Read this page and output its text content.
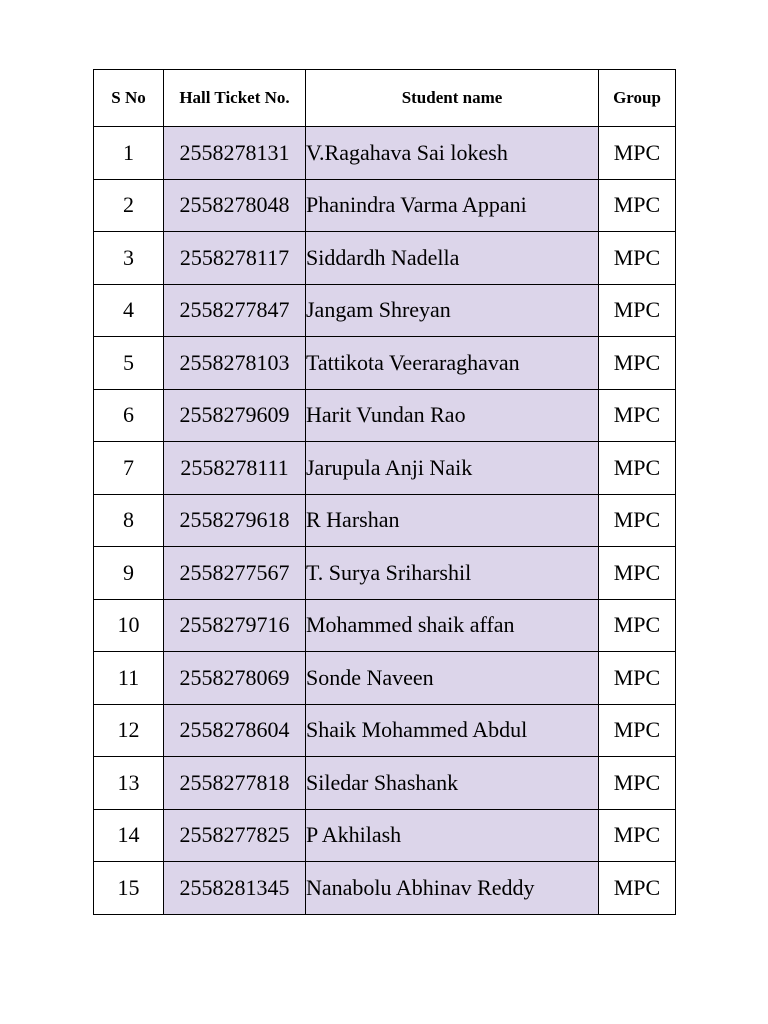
S No	Hall Ticket No.	Student name	Group
1	2558278131	V.Ragahava Sai lokesh	MPC
2	2558278048	Phanindra Varma Appani	MPC
3	2558278117	Siddardh Nadella	MPC
4	2558277847	Jangam Shreyan	MPC
5	2558278103	Tattikota Veeraraghavan	MPC
6	2558279609	Harit Vundan Rao	MPC
7	2558278111	Jarupula Anji Naik	MPC
8	2558279618	R Harshan	MPC
9	2558277567	T. Surya Sriharshil	MPC
10	2558279716	Mohammed shaik affan	MPC
11	2558278069	Sonde Naveen	MPC
12	2558278604	Shaik Mohammed Abdul	MPC
13	2558277818	Siledar Shashank	MPC
14	2558277825	P Akhilash	MPC
15	2558281345	Nanabolu Abhinav Reddy	MPC
